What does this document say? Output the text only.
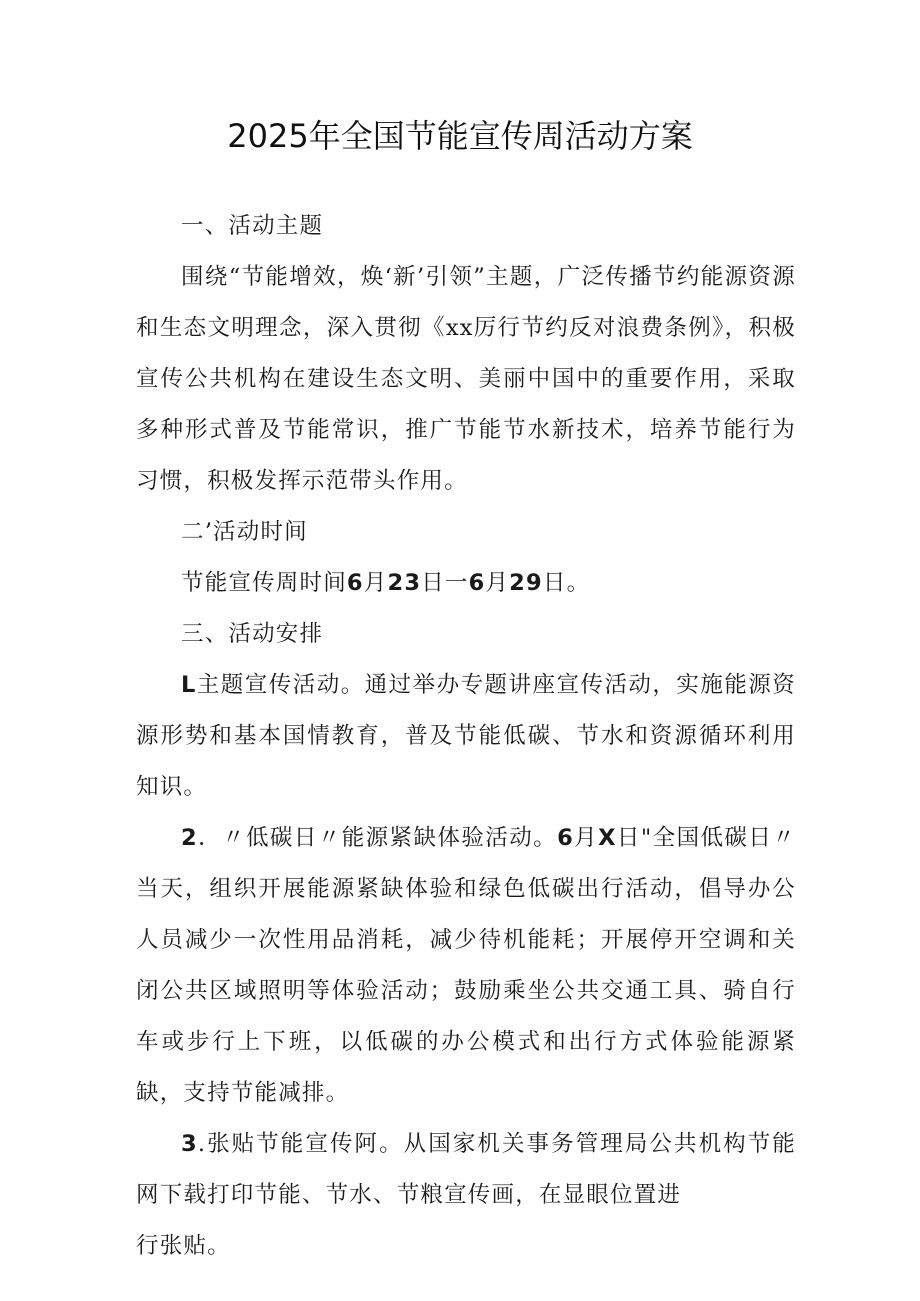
2025年全国节能宣传周活动方案

一、活动主题

围绕“节能增效，焕‘新’引领”主题，广泛传播节约能源资源和生态文明理念，深入贯彻《xx厉行节约反对浪费条例》，积极宣传公共机构在建设生态文明、美丽中国中的重要作用，采取多种形式普及节能常识，推广节能节水新技术，培养节能行为习惯，积极发挥示范带头作用。

二’活动时间

节能宣传周时间6月23日一6月29日。

三、活动安排

L主题宣传活动。通过举办专题讲座宣传活动，实施能源资源形势和基本国情教育，普及节能低碳、节水和资源循环利用知识。

2．〃低碳日〃能源紧缺体验活动。6月X日"全国低碳日〃当天，组织开展能源紧缺体验和绿色低碳出行活动，倡导办公人员减少一次性用品消耗，减少待机能耗；开展停开空调和关闭公共区域照明等体验活动；鼓励乘坐公共交通工具、骑自行车或步行上下班，以低碳的办公模式和出行方式体验能源紧缺，支持节能减排。

3.张贴节能宣传阿。从国家机关事务管理局公共机构节能网下载打印节能、节水、节粮宣传画，在显眼位置进

行张贴。
